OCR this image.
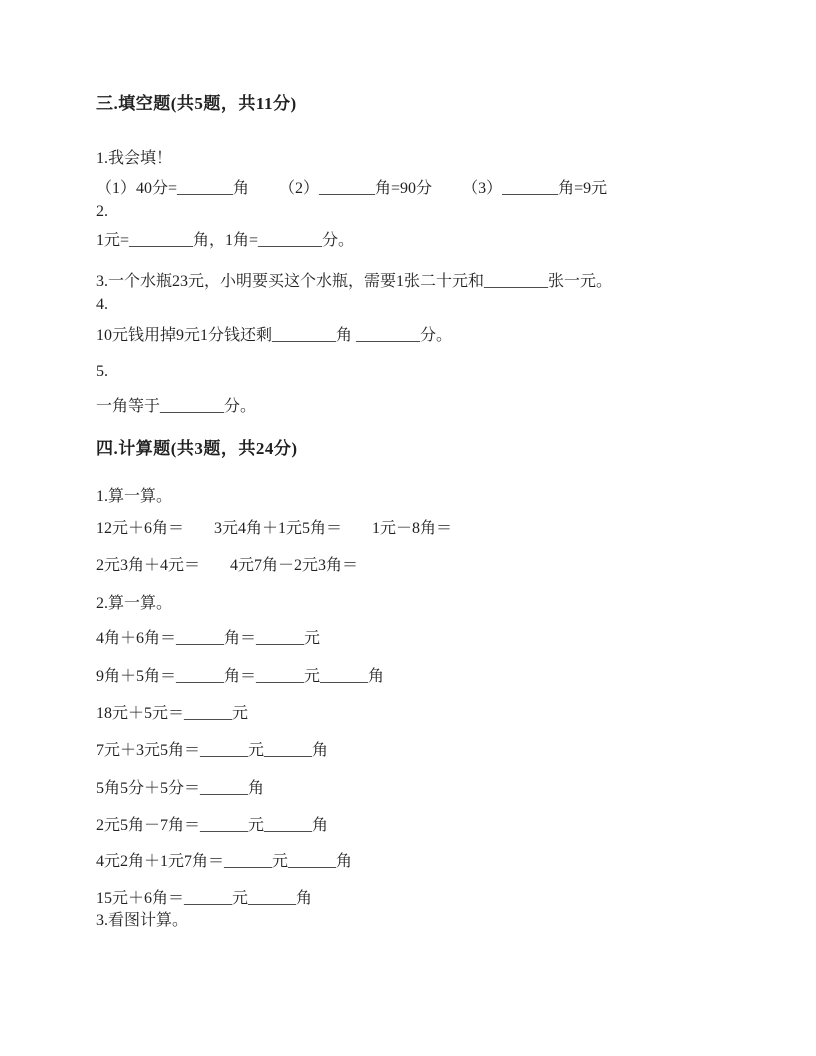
三.填空题(共5题，共11分)
1.我会填！
（1）40分=_______角 （2）_______角=90分 （3）_______角=9元
2.
1元=________角，1角=________分。
3.一个水瓶23元，小明要买这个水瓶，需要1张二十元和________张一元。
4.
10元钱用掉9元1分钱还剩________角 ________分。
5.
一角等于________分。
四.计算题(共3题，共24分)
1.算一算。
12元＋6角＝ 3元4角＋1元5角＝ 1元－8角＝
2元3角＋4元＝ 4元7角－2元3角＝
2.算一算。
4角＋6角＝______角＝______元
9角＋5角＝______角＝______元______角
18元＋5元＝______元
7元＋3元5角＝______元______角
5角5分＋5分＝______角
2元5角－7角＝______元______角
4元2角＋1元7角＝______元______角
15元＋6角＝______元______角
3.看图计算。
